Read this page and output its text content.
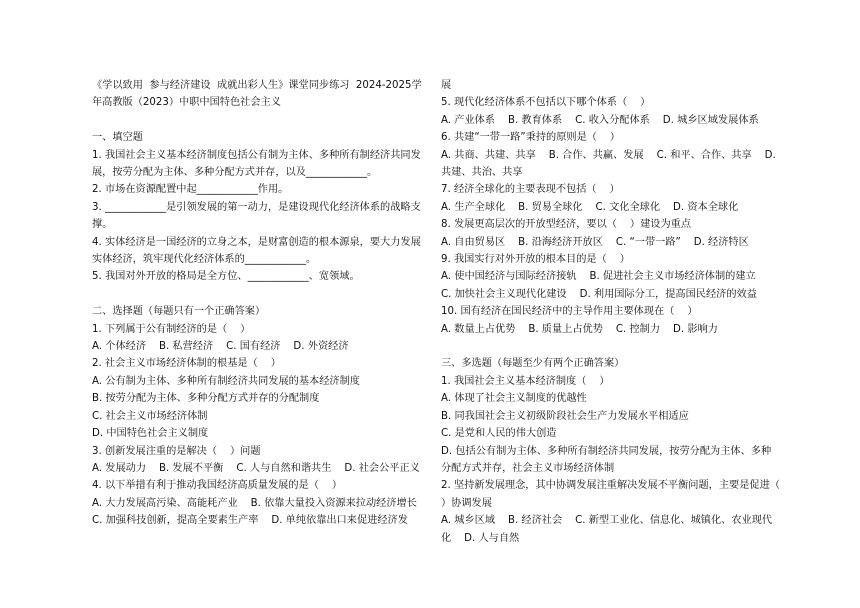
《学以致用  参与经济建设  成就出彩人生》课堂同步练习  2024-2025学年高教版（2023）中职中国特色社会主义

一、填空题

1. 我国社会主义基本经济制度包括公有制为主体、多种所有制经济共同发展，按劳分配为主体、多种分配方式并存，以及____________。

2. 市场在资源配置中起____________作用。

3. ____________是引领发展的第一动力，是建设现代化经济体系的战略支撑。

4. 实体经济是一国经济的立身之本，是财富创造的根本源泉，要大力发展实体经济，筑牢现代化经济体系的____________。

5. 我国对外开放的格局是全方位、____________、宽领域。

二、选择题（每题只有一个正确答案）

1. 下列属于公有制经济的是（    ）

A. 个体经济    B. 私营经济    C. 国有经济    D. 外资经济

2. 社会主义市场经济体制的根基是（    ）

A. 公有制为主体、多种所有制经济共同发展的基本经济制度

B. 按劳分配为主体、多种分配方式并存的分配制度

C. 社会主义市场经济体制

D. 中国特色社会主义制度

3. 创新发展注重的是解决（    ）问题

A. 发展动力    B. 发展不平衡    C. 人与自然和谐共生    D. 社会公平正义

4. 以下举措有利于推动我国经济高质量发展的是（    ）

A. 大力发展高污染、高能耗产业    B. 依靠大量投入资源来拉动经济增长

C. 加强科技创新，提高全要素生产率    D. 单纯依靠出口来促进经济发

展

5. 现代化经济体系不包括以下哪个体系（    ）

A. 产业体系    B. 教育体系    C. 收入分配体系    D. 城乡区域发展体系

6. 共建“一带一路”秉持的原则是（    ）

A. 共商、共建、共享    B. 合作、共赢、发展    C. 和平、合作、共享    D. 共建、共治、共享

7. 经济全球化的主要表现不包括（    ）

A. 生产全球化    B. 贸易全球化    C. 文化全球化    D. 资本全球化

8. 发展更高层次的开放型经济，要以（    ）建设为重点

A. 自由贸易区    B. 沿海经济开放区    C. “一带一路”    D. 经济特区

9. 我国实行对外开放的根本目的是（    ）

A. 使中国经济与国际经济接轨    B. 促进社会主义市场经济体制的建立

C. 加快社会主义现代化建设    D. 利用国际分工，提高国民经济的效益

10. 国有经济在国民经济中的主导作用主要体现在（    ）

A. 数量上占优势    B. 质量上占优势    C. 控制力    D. 影响力

三、多选题（每题至少有两个正确答案）

1. 我国社会主义基本经济制度（    ）

A. 体现了社会主义制度的优越性

B. 同我国社会主义初级阶段社会生产力发展水平相适应

C. 是党和人民的伟大创造

D. 包括公有制为主体、多种所有制经济共同发展，按劳分配为主体、多种分配方式并存，社会主义市场经济体制

2. 坚持新发展理念，其中协调发展注重解决发展不平衡问题，主要是促进（    ）协调发展

A. 城乡区域    B. 经济社会    C. 新型工业化、信息化、城镇化、农业现代化    D. 人与自然
